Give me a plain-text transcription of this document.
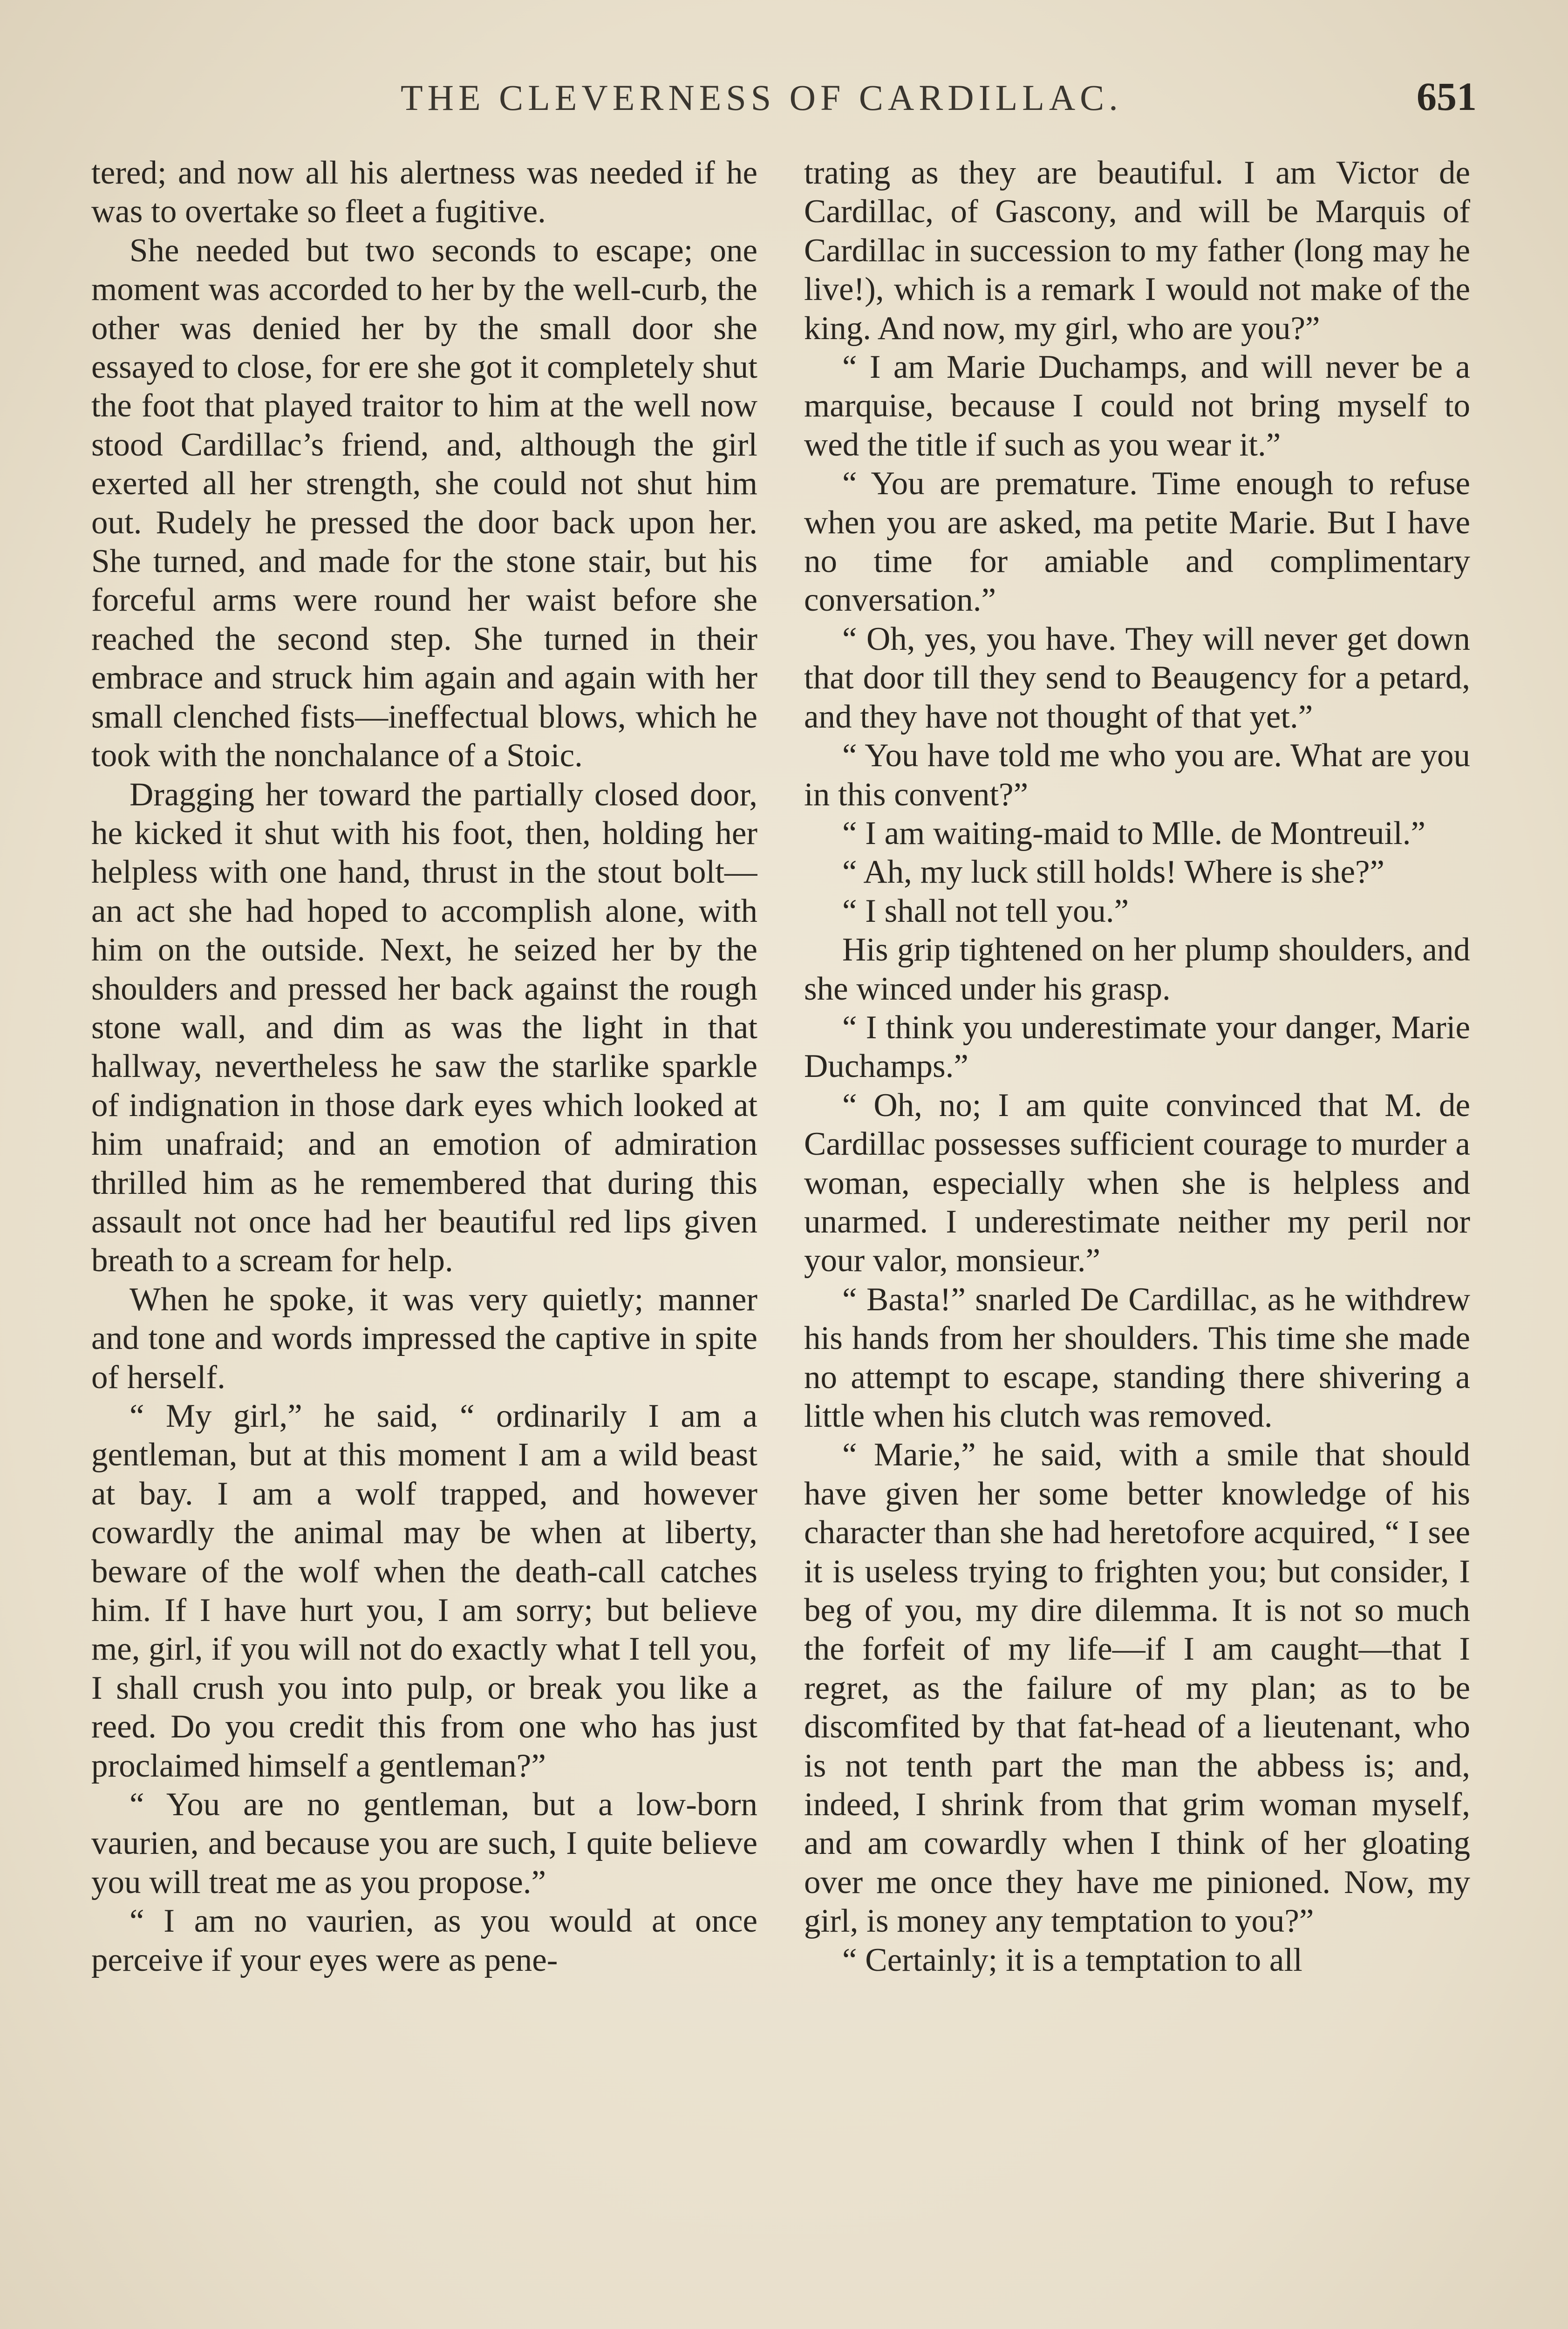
THE CLEVERNESS OF CARDILLAC.	651

tered; and now all his alertness was needed if he was to overtake so fleet a fugitive.

She needed but two seconds to escape; one moment was accorded to her by the well-curb, the other was denied her by the small door she essayed to close, for ere she got it completely shut the foot that played traitor to him at the well now stood Cardillac’s friend, and, although the girl exerted all her strength, she could not shut him out. Rudely he pressed the door back upon her. She turned, and made for the stone stair, but his forceful arms were round her waist before she reached the second step. She turned in their embrace and struck him again and again with her small clenched fists—ineffectual blows, which he took with the nonchalance of a Stoic.

Dragging her toward the partially closed door, he kicked it shut with his foot, then, holding her helpless with one hand, thrust in the stout bolt—an act she had hoped to accomplish alone, with him on the outside. Next, he seized her by the shoulders and pressed her back against the rough stone wall, and dim as was the light in that hallway, nevertheless he saw the starlike sparkle of indignation in those dark eyes which looked at him unafraid; and an emotion of admiration thrilled him as he remembered that during this assault not once had her beautiful red lips given breath to a scream for help.

When he spoke, it was very quietly; manner and tone and words impressed the captive in spite of herself.

“ My girl,” he said, “ ordinarily I am a gentleman, but at this moment I am a wild beast at bay. I am a wolf trapped, and however cowardly the animal may be when at liberty, beware of the wolf when the death-call catches him. If I have hurt you, I am sorry; but believe me, girl, if you will not do exactly what I tell you, I shall crush you into pulp, or break you like a reed. Do you credit this from one who has just proclaimed himself a gentleman?”

“ You are no gentleman, but a low-born vaurien, and because you are such, I quite believe you will treat me as you propose.”

“ I am no vaurien, as you would at once perceive if your eyes were as pene-

trating as they are beautiful. I am Victor de Cardillac, of Gascony, and will be Marquis of Cardillac in succession to my father (long may he live!), which is a remark I would not make of the king. And now, my girl, who are you?”

“ I am Marie Duchamps, and will never be a marquise, because I could not bring myself to wed the title if such as you wear it.”

“ You are premature. Time enough to refuse when you are asked, ma petite Marie. But I have no time for amiable and complimentary conversation.”

“ Oh, yes, you have. They will never get down that door till they send to Beaugency for a petard, and they have not thought of that yet.”

“ You have told me who you are. What are you in this convent?”

“ I am waiting-maid to Mlle. de Montreuil.”

“ Ah, my luck still holds! Where is she?”

“ I shall not tell you.”

His grip tightened on her plump shoulders, and she winced under his grasp.

“ I think you underestimate your danger, Marie Duchamps.”

“ Oh, no; I am quite convinced that M. de Cardillac possesses sufficient courage to murder a woman, especially when she is helpless and unarmed. I underestimate neither my peril nor your valor, monsieur.”

“ Basta!” snarled De Cardillac, as he withdrew his hands from her shoulders. This time she made no attempt to escape, standing there shivering a little when his clutch was removed.

“ Marie,” he said, with a smile that should have given her some better knowledge of his character than she had heretofore acquired, “ I see it is useless trying to frighten you; but consider, I beg of you, my dire dilemma. It is not so much the forfeit of my life—if I am caught—that I regret, as the failure of my plan; as to be discomfited by that fat-head of a lieutenant, who is not tenth part the man the abbess is; and, indeed, I shrink from that grim woman myself, and am cowardly when I think of her gloating over me once they have me pinioned. Now, my girl, is money any temptation to you?”

“ Certainly; it is a temptation to all
